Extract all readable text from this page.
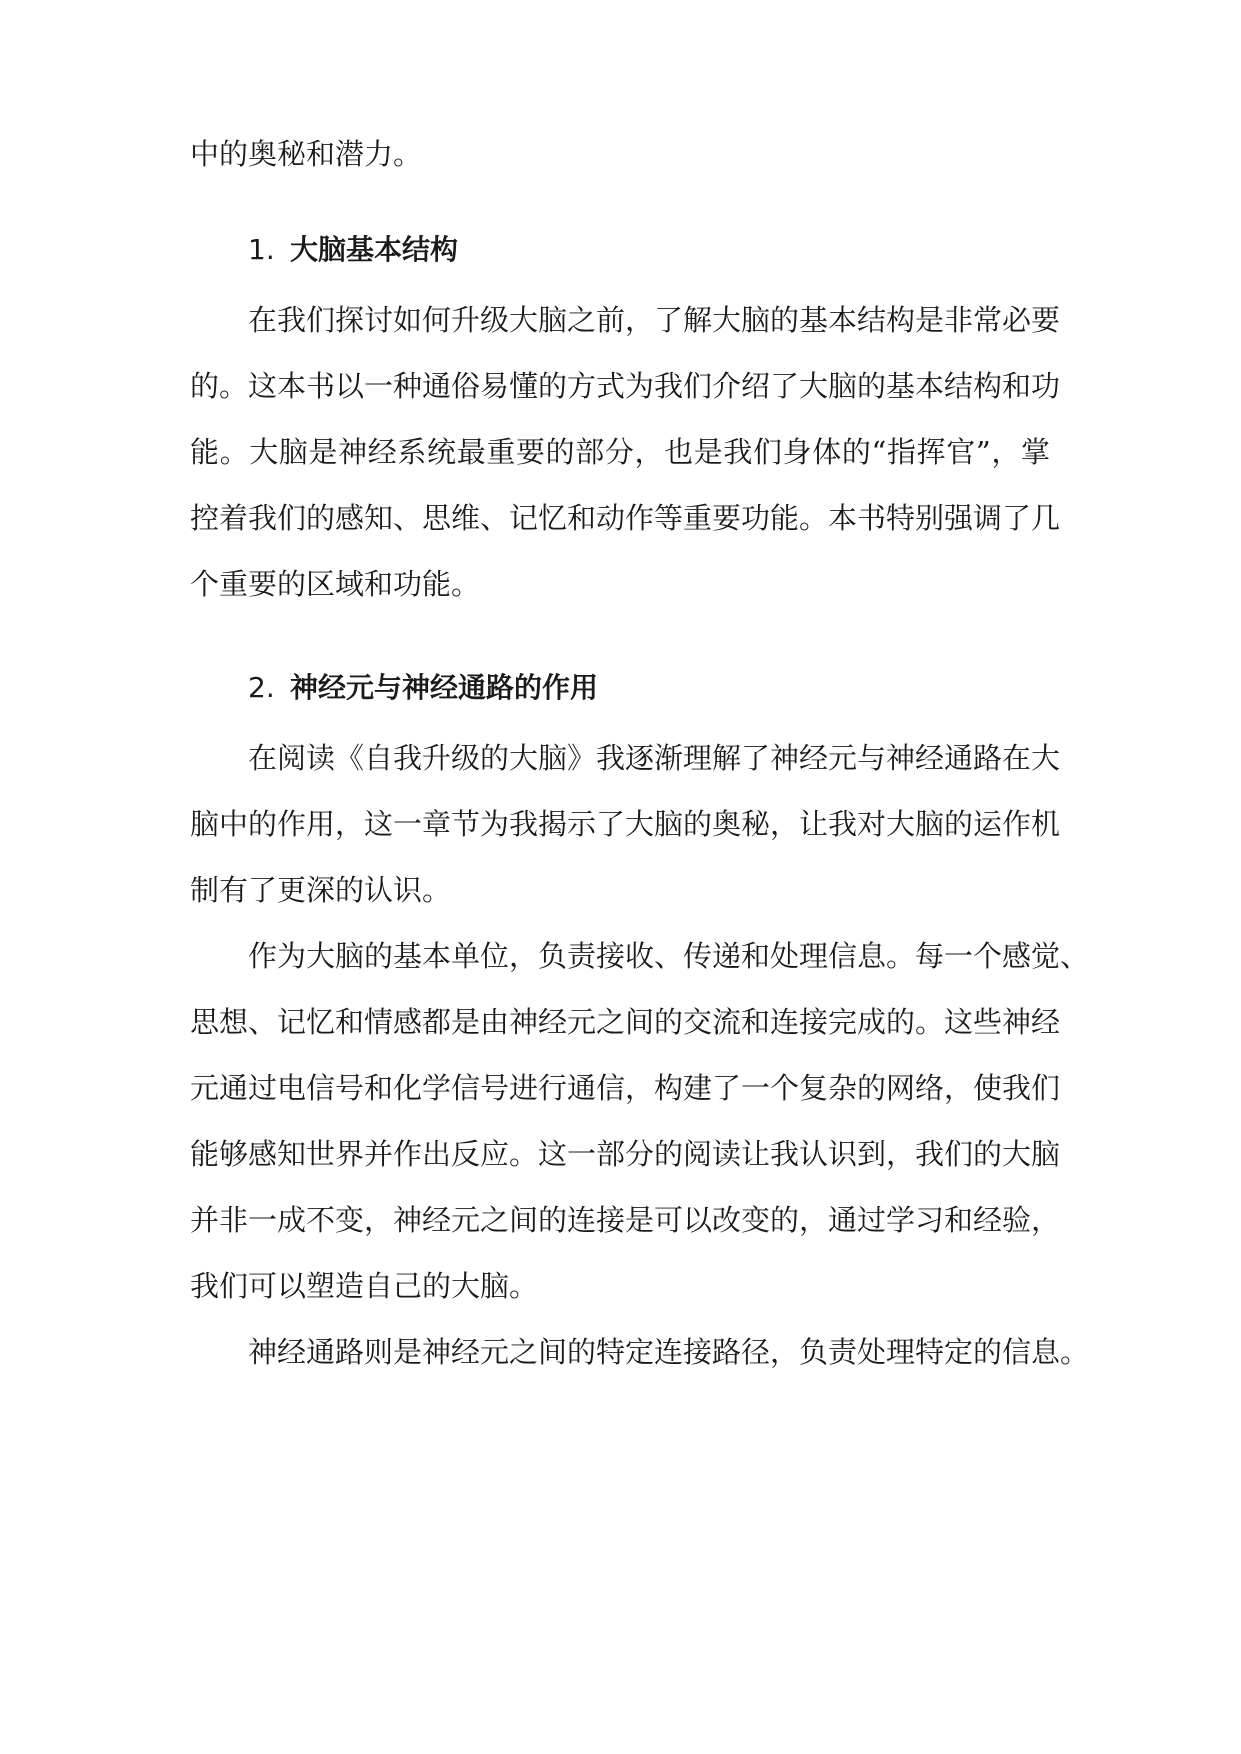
中的奥秘和潜力。
1. 大脑基本结构
在我们探讨如何升级大脑之前，了解大脑的基本结构是非常必要
的。这本书以一种通俗易懂的方式为我们介绍了大脑的基本结构和功
能。大脑是神经系统最重要的部分，也是我们身体的“指挥官”，掌
控着我们的感知、思维、记忆和动作等重要功能。本书特别强调了几
个重要的区域和功能。
2. 神经元与神经通路的作用
在阅读《自我升级的大脑》我逐渐理解了神经元与神经通路在大
脑中的作用，这一章节为我揭示了大脑的奥秘，让我对大脑的运作机
制有了更深的认识。
作为大脑的基本单位，负责接收、传递和处理信息。每一个感觉、
思想、记忆和情感都是由神经元之间的交流和连接完成的。这些神经
元通过电信号和化学信号进行通信，构建了一个复杂的网络，使我们
能够感知世界并作出反应。这一部分的阅读让我认识到，我们的大脑
并非一成不变，神经元之间的连接是可以改变的，通过学习和经验，
我们可以塑造自己的大脑。
神经通路则是神经元之间的特定连接路径，负责处理特定的信息。
